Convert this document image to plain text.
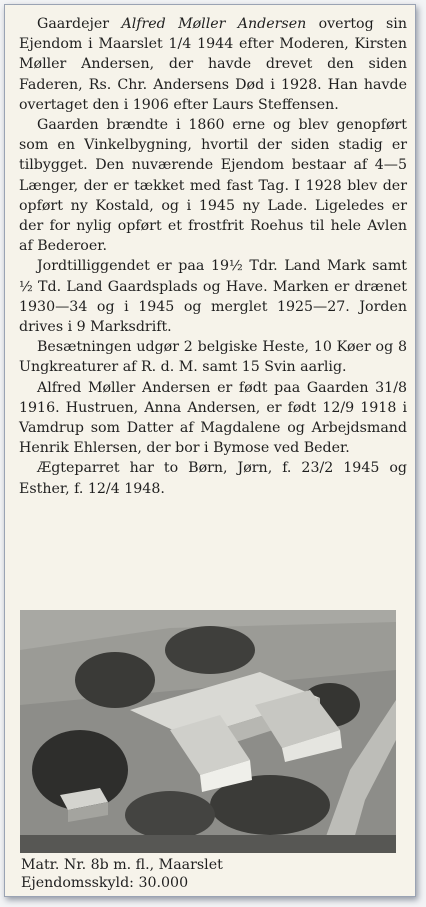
Gaardejer Alfred Møller Andersen overtog sin Ejendom i Maarslet 1/4 1944 efter Moderen, Kirsten Møller Andersen, der havde drevet den siden Faderen, Rs. Chr. Andersens Død i 1928. Han havde overtaget den i 1906 efter Laurs Steffensen.

Gaarden brændte i 1860 erne og blev genopført som en Vinkelbygning, hvortil der siden stadig er tilbygget. Den nuværende Ejendom bestaar af 4—5 Længer, der er tækket med fast Tag. I 1928 blev der opført ny Kostald, og i 1945 ny Lade. Ligeledes er der for nylig opført et frostfrit Roehus til hele Avlen af Bederoer.

Jordtilliggendet er paa 19½ Tdr. Land Mark samt ½ Td. Land Gaardsplads og Have. Marken er drænet 1930—34 og i 1945 og merglet 1925—27. Jorden drives i 9 Marksdrift.

Besætningen udgør 2 belgiske Heste, 10 Køer og 8 Ungkreaturer af R. d. M. samt 15 Svin aarlig.

Alfred Møller Andersen er født paa Gaarden 31/8 1916. Hustruen, Anna Andersen, er født 12/9 1918 i Vamdrup som Datter af Magdalene og Arbejdsmand Henrik Ehlersen, der bor i Bymose ved Beder.

Ægteparret har to Børn, Jørn, f. 23/2 1945 og Esther, f. 12/4 1948.

Matr. Nr. 8b m. fl., Maarslet
Ejendomsskyld: 30.000
